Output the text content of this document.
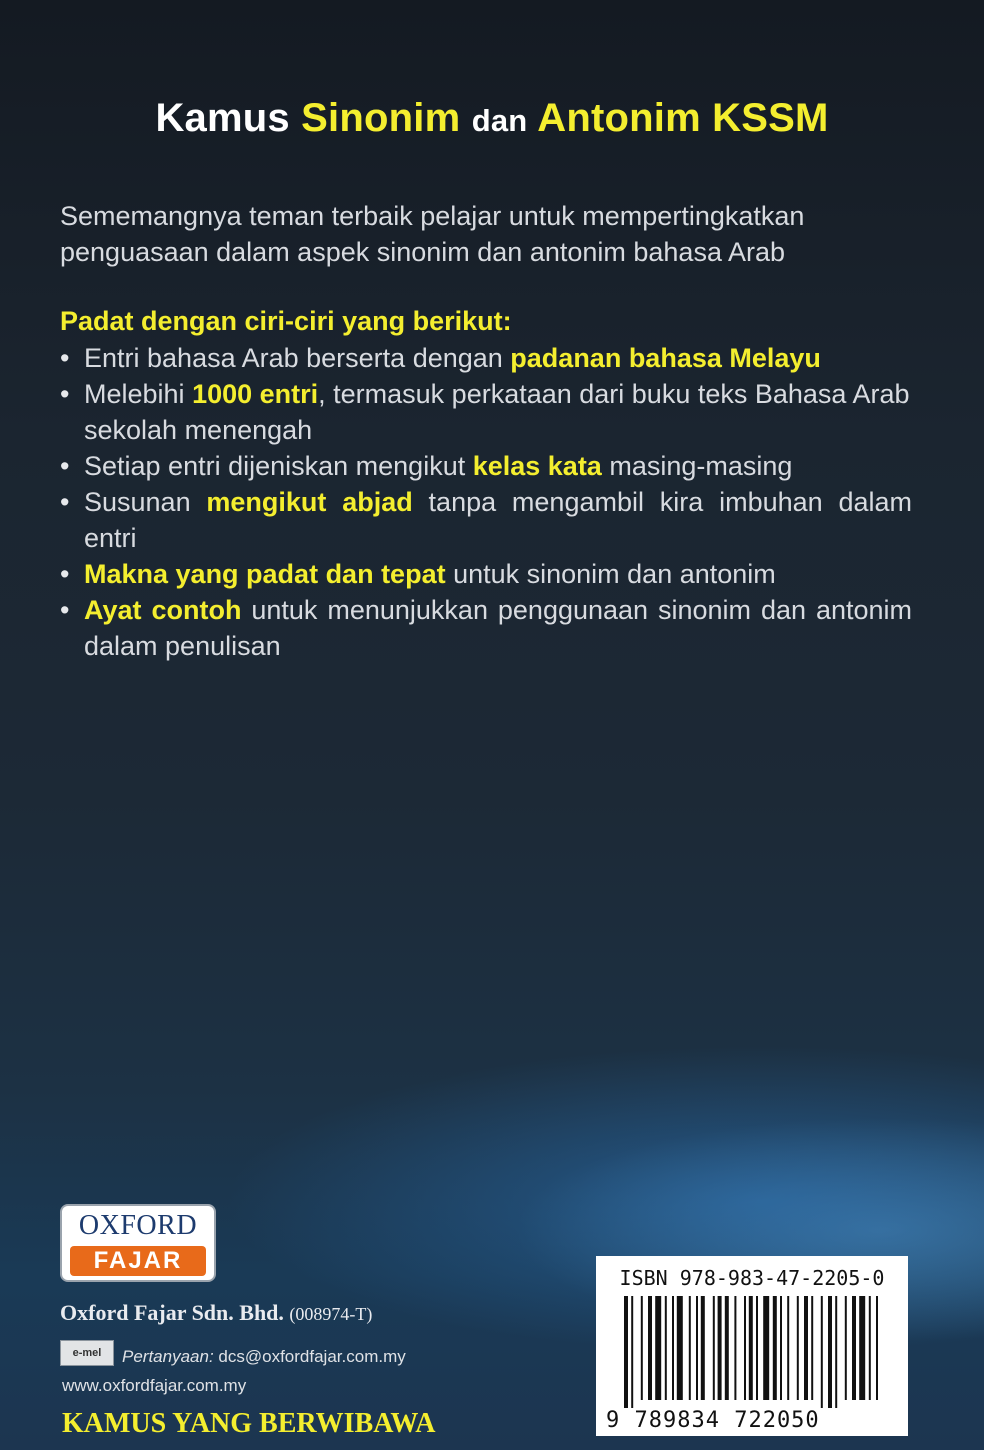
Kamus Sinonim dan Antonim KSSM
Sememangnya teman terbaik pelajar untuk mempertingkatkan penguasaan dalam aspek sinonim dan antonim bahasa Arab
Padat dengan ciri-ciri yang berikut:
• Entri bahasa Arab berserta dengan padanan bahasa Melayu
• Melebihi 1000 entri, termasuk perkataan dari buku teks Bahasa Arab sekolah menengah
• Setiap entri dijeniskan mengikut kelas kata masing-masing
• Susunan mengikut abjad tanpa mengambil kira imbuhan dalam entri
• Makna yang padat dan tepat untuk sinonim dan antonim
• Ayat contoh untuk menunjukkan penggunaan sinonim dan antonim dalam penulisan
OXFORD
FAJAR
Oxford Fajar Sdn. Bhd. (008974-T)
e-mel	Pertanyaan: dcs@oxfordfajar.com.my
www.oxfordfajar.com.my
KAMUS YANG BERWIBAWA
ISBN 978-983-47-2205-0
9 789834 722050
